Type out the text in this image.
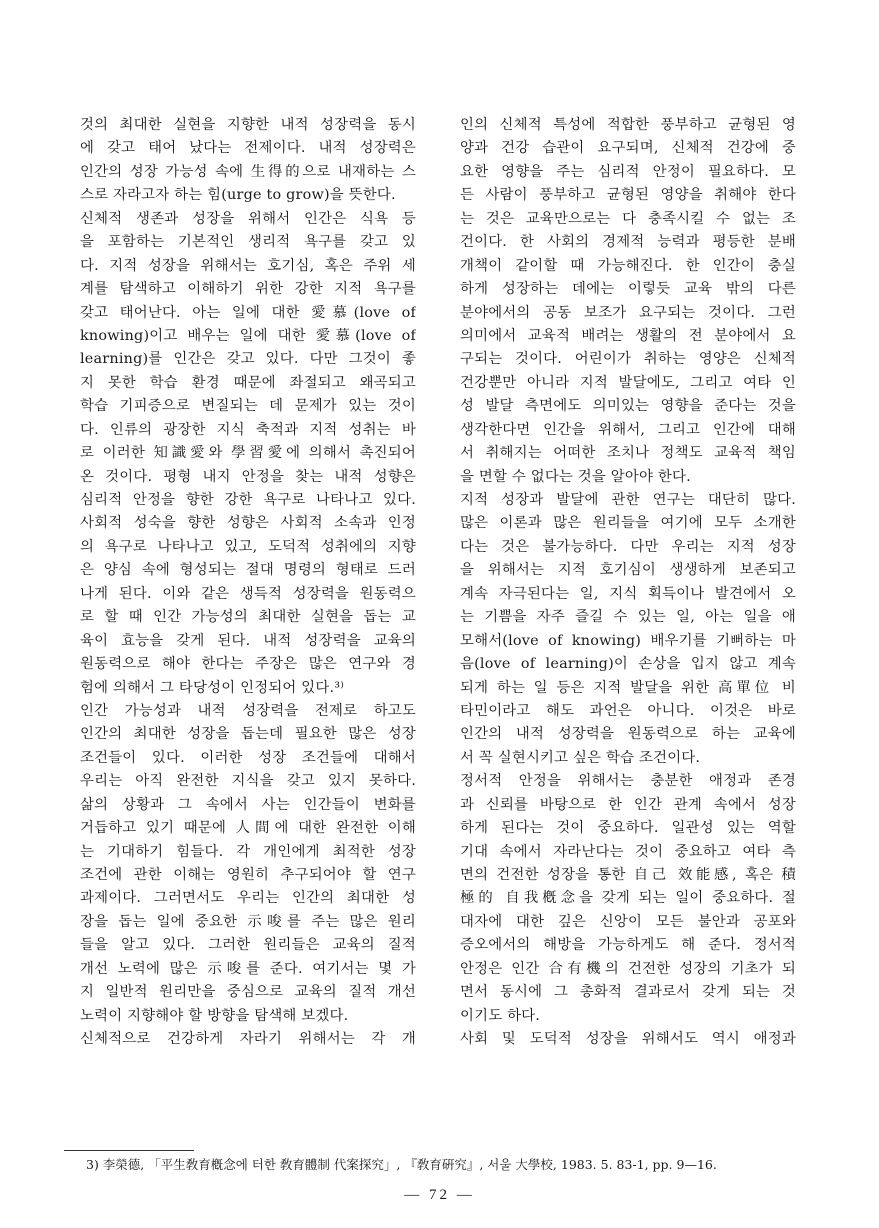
것의 최대한 실현을 지향한 내적 성장력을 동시
에 갖고 태어 났다는 전제이다. 내적 성장력은
인간의 성장 가능성 속에 生得的으로 내재하는 스
스로 자라고자 하는 힘(urge to grow)을 뜻한다.
신체적 생존과 성장을 위해서 인간은 식욕 등
을 포함하는 기본적인 생리적 욕구를 갖고 있
다. 지적 성장을 위해서는 호기심, 혹은 주위 세
계를 탐색하고 이해하기 위한 강한 지적 욕구를
갖고 태어난다. 아는 일에 대한 愛慕(love of
knowing)이고 배우는 일에 대한 愛慕(love of
learning)를 인간은 갖고 있다. 다만 그것이 좋
지 못한 학습 환경 때문에 좌절되고 왜곡되고
학습 기피증으로 변질되는 데 문제가 있는 것이
다. 인류의 광장한 지식 축적과 지적 성취는 바
로 이러한 知識愛와 學習愛에 의해서 촉진되어
온 것이다. 평형 내지 안정을 찾는 내적 성향은
심리적 안정을 향한 강한 욕구로 나타나고 있다.
사회적 성숙을 향한 성향은 사회적 소속과 인정
의 욕구로 나타나고 있고, 도덕적 성취에의 지향
은 양심 속에 형성되는 절대 명령의 형태로 드러
나게 된다. 이와 같은 생득적 성장력을 원동력으
로 할 때 인간 가능성의 최대한 실현을 돕는 교
육이 효능을 갖게 된다. 내적 성장력을 교육의
원동력으로 해야 한다는 주장은 많은 연구와 경
험에 의해서 그 타당성이 인정되어 있다.³⁾
인간 가능성과 내적 성장력을 전제로 하고도
인간의 최대한 성장을 돕는데 필요한 많은 성장
조건들이 있다. 이러한 성장 조건들에 대해서
우리는 아직 완전한 지식을 갖고 있지 못하다.
삶의 상황과 그 속에서 사는 인간들이 변화를
거듭하고 있기 때문에 人間에 대한 완전한 이해
는 기대하기 힘들다. 각 개인에게 최적한 성장
조건에 관한 이해는 영원히 추구되어야 할 연구
과제이다. 그러면서도 우리는 인간의 최대한 성
장을 돕는 일에 중요한 示唆를 주는 많은 원리
들을 알고 있다. 그러한 원리들은 교육의 질적
개선 노력에 많은 示唆를 준다. 여기서는 몇 가
지 일반적 원리만을 중심으로 교육의 질적 개선
노력이 지향해야 할 방향을 탐색해 보겠다.
신체적으로 건강하게 자라기 위해서는 각 개
인의 신체적 특성에 적합한 풍부하고 균형된 영
양과 건강 습관이 요구되며, 신체적 건강에 중
요한 영향을 주는 심리적 안정이 필요하다. 모
든 사람이 풍부하고 균형된 영양을 취해야 한다
는 것은 교육만으로는 다 충족시킬 수 없는 조
건이다. 한 사회의 경제적 능력과 평등한 분배
개책이 같이할 때 가능해진다. 한 인간이 충실
하게 성장하는 데에는 이렇듯 교육 밖의 다른
분야에서의 공동 보조가 요구되는 것이다. 그런
의미에서 교육적 배려는 생활의 전 분야에서 요
구되는 것이다. 어린이가 취하는 영양은 신체적
건강뿐만 아니라 지적 발달에도, 그리고 여타 인
성 발달 측면에도 의미있는 영향을 준다는 것을
생각한다면 인간을 위해서, 그리고 인간에 대해
서 취해지는 어떠한 조치나 정책도 교육적 책임
을 면할 수 없다는 것을 알아야 한다.
지적 성장과 발달에 관한 연구는 대단히 많다.
많은 이론과 많은 원리들을 여기에 모두 소개한
다는 것은 불가능하다. 다만 우리는 지적 성장
을 위해서는 지적 호기심이 생생하게 보존되고
계속 자극된다는 일, 지식 획득이나 발견에서 오
는 기쁨을 자주 즐길 수 있는 일, 아는 일을 애
모해서(love of knowing) 배우기를 기뻐하는 마
음(love of learning)이 손상을 입지 않고 계속
되게 하는 일 등은 지적 발달을 위한 高單位 비
타민이라고 해도 과언은 아니다. 이것은 바로
인간의 내적 성장력을 원동력으로 하는 교육에
서 꼭 실현시키고 싶은 학습 조건이다.
정서적 안정을 위해서는 충분한 애정과 존경
과 신뢰를 바탕으로 한 인간 관계 속에서 성장
하게 된다는 것이 중요하다. 일관성 있는 역할
기대 속에서 자라난다는 것이 중요하고 여타 측
면의 건전한 성장을 통한 自己 效能感, 혹은 積
極的 自我槪念을 갖게 되는 일이 중요하다. 절
대자에 대한 깊은 신앙이 모든 불안과 공포와
증오에서의 해방을 가능하게도 해 준다. 정서적
안정은 인간 合有機의 건전한 성장의 기초가 되
면서 동시에 그 총화적 결과로서 갖게 되는 것
이기도 하다.
사회 및 도덕적 성장을 위해서도 역시 애정과
3) 李榮德, 「平生敎育槪念에 터한 敎育體制 代案探究」, 『敎育硏究』, 서울 大學校, 1983. 5. 83-1, pp. 9—16.
— 72 —
